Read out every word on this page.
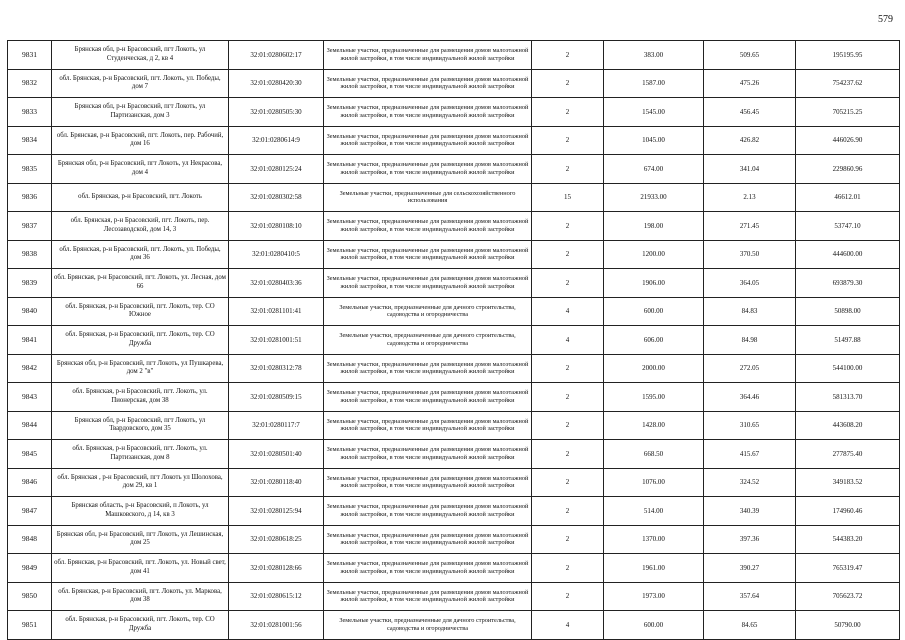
579
9831	Брянская обл, р-н Брасовский, пгт Локоть, ул Студенческая, д 2, кв 4	32:01:0280602:17	Земельные участки, предназначенные для размещения домов малоэтажной жилой застройки, в том числе индивидуальной жилой застройки	2	383.00	509.65	195195.95
9832	обл. Брянская, р-н Брасовский, пгт. Локоть, ул. Победы, дом 7	32:01:0280420:30	Земельные участки, предназначенные для размещения домов малоэтажной жилой застройки, в том числе индивидуальной жилой застройки	2	1587.00	475.26	754237.62
9833	Брянская обл, р-н Брасовский, пгт Локоть, ул Партизанская, дом 3	32:01:0280505:30	Земельные участки, предназначенные для размещения домов малоэтажной жилой застройки, в том числе индивидуальной жилой застройки	2	1545.00	456.45	705215.25
9834	обл. Брянская, р-н Брасовский, пгт. Локоть, пер. Рабочий, дом 16	32:01:0280614:9	Земельные участки, предназначенные для размещения домов малоэтажной жилой застройки, в том числе индивидуальной жилой застройки	2	1045.00	426.82	446026.90
9835	Брянская обл, р-н Брасовский, пгт Локоть, ул Некрасова, дом 4	32:01:0280125:24	Земельные участки, предназначенные для размещения домов малоэтажной жилой застройки, в том числе индивидуальной жилой застройки	2	674.00	341.04	229860.96
9836	обл. Брянская, р-н Брасовский, пгт. Локоть	32:01:0280302:58	Земельные участки, предназначенные для сельскохозяйственного использования	15	21933.00	2.13	46612.01
9837	обл. Брянская, р-н Брасовский, пгт. Локоть, пер. Лесозаводской, дом 14, 3	32:01:0280108:10	Земельные участки, предназначенные для размещения домов малоэтажной жилой застройки, в том числе индивидуальной жилой застройки	2	198.00	271.45	53747.10
9838	обл. Брянская, р-н Брасовский, пгт. Локоть, ул. Победы, дом 36	32:01:0280410:5	Земельные участки, предназначенные для размещения домов малоэтажной жилой застройки, в том числе индивидуальной жилой застройки	2	1200.00	370.50	444600.00
9839	обл. Брянская, р-н Брасовский, пгт. Локоть, ул. Лесная, дом 66	32:01:0280403:36	Земельные участки, предназначенные для размещения домов малоэтажной жилой застройки, в том числе индивидуальной жилой застройки	2	1906.00	364.05	693879.30
9840	обл. Брянская, р-н Брасовский, пгт. Локоть, тер. СО Южное	32:01:0281101:41	Земельные участки, предназначенные для дачного строительства, садоводства и огородничества	4	600.00	84.83	50898.00
9841	обл. Брянская, р-н Брасовский, пгт. Локоть, тер. СО Дружба	32:01:0281001:51	Земельные участки, предназначенные для дачного строительства, садоводства и огородничества	4	606.00	84.98	51497.88
9842	Брянская обл, р-н Брасовский, пгт Локоть, ул Пушкарева, дом 2 "в"	32:01:0280312:78	Земельные участки, предназначенные для размещения домов малоэтажной жилой застройки, в том числе индивидуальной жилой застройки	2	2000.00	272.05	544100.00
9843	обл. Брянская, р-н Брасовский, пгт. Локоть, ул. Пионерская, дом 38	32:01:0280509:15	Земельные участки, предназначенные для размещения домов малоэтажной жилой застройки, в том числе индивидуальной жилой застройки	2	1595.00	364.46	581313.70
9844	Брянская обл, р-н Брасовский, пгт Локоть, ул Твардовского, дом 35	32:01:0280117:7	Земельные участки, предназначенные для размещения домов малоэтажной жилой застройки, в том числе индивидуальной жилой застройки	2	1428.00	310.65	443608.20
9845	обл. Брянская, р-н Брасовский, пгт. Локоть, ул. Партизанская, дом 8	32:01:0280501:40	Земельные участки, предназначенные для размещения домов малоэтажной жилой застройки, в том числе индивидуальной жилой застройки	2	668.50	415.67	277875.40
9846	обл. Брянская , р-н Брасовский, пгт Локоть ул Шолохова, дом 29, кв 1	32:01:0280118:40	Земельные участки, предназначенные для размещения домов малоэтажной жилой застройки, в том числе индивидуальной жилой застройки	2	1076.00	324.52	349183.52
9847	Брянская область, р-н Брасовский, п Локоть, ул Машковского, д 14, кв 3	32:01:0280125:94	Земельные участки, предназначенные для размещения домов малоэтажной жилой застройки, в том числе индивидуальной жилой застройки	2	514.00	340.39	174960.46
9848	Брянская обл, р-н Брасовский, пгт Локоть, ул Лешинская, дом 25	32:01:0280618:25	Земельные участки, предназначенные для размещения домов малоэтажной жилой застройки, в том числе индивидуальной жилой застройки	2	1370.00	397.36	544383.20
9849	обл. Брянская, р-н Брасовский, пгт. Локоть, ул. Новый свет, дом 41	32:01:0280128:66	Земельные участки, предназначенные для размещения домов малоэтажной жилой застройки, в том числе индивидуальной жилой застройки	2	1961.00	390.27	765319.47
9850	обл. Брянская, р-н Брасовский, пгт. Локоть, ул. Маркова, дом 38	32:01:0280615:12	Земельные участки, предназначенные для размещения домов малоэтажной жилой застройки, в том числе индивидуальной жилой застройки	2	1973.00	357.64	705623.72
9851	обл. Брянская, р-н Брасовский, пгт. Локоть, тер. СО Дружба	32:01:0281001:56	Земельные участки, предназначенные для дачного строительства, садоводства и огородничества	4	600.00	84.65	50790.00
